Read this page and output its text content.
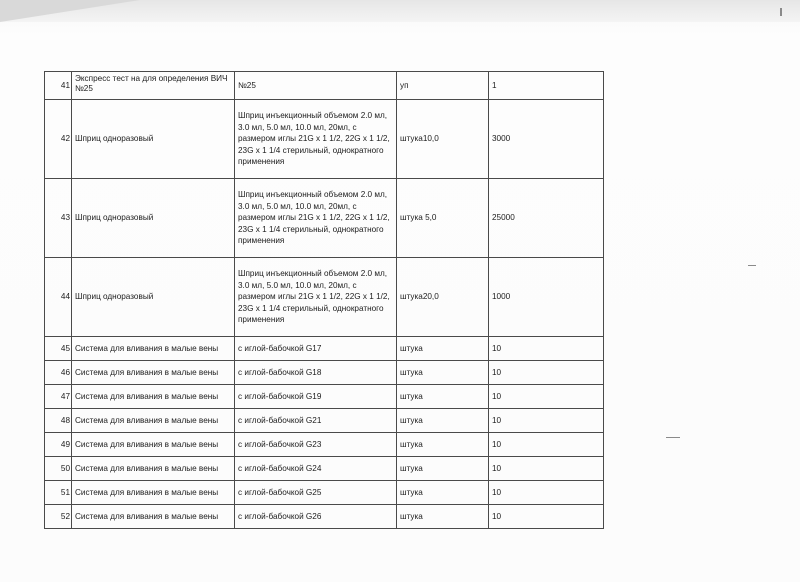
41	Экспресс тест на для определения ВИЧ №25	№25	уп	1
42	Шприц одноразовый	Шприц инъекционный объемом 2.0 мл, 3.0 мл, 5.0 мл, 10.0 мл, 20мл, с размером иглы 21G x 1 1/2, 22G x 1 1/2, 23G x 1 1/4 стерильный, однократного применения	штука10,0	3000
43	Шприц одноразовый	Шприц инъекционный объемом 2.0 мл, 3.0 мл, 5.0 мл, 10.0 мл, 20мл, с размером иглы 21G x 1 1/2, 22G x 1 1/2, 23G x 1 1/4 стерильный, однократного применения	штука 5,0	25000
44	Шприц одноразовый	Шприц инъекционный объемом 2.0 мл, 3.0 мл, 5.0 мл, 10.0 мл, 20мл, с размером иглы 21G x 1 1/2, 22G x 1 1/2, 23G x 1 1/4 стерильный, однократного применения	штука20,0	1000
45	Система для вливания в малые вены	с иглой-бабочкой G17	штука	10
46	Система для вливания в малые вены	с иглой-бабочкой G18	штука	10
47	Система для вливания в малые вены	с иглой-бабочкой G19	штука	10
48	Система для вливания в малые вены	с иглой-бабочкой G21	штука	10
49	Система для вливания в малые вены	с иглой-бабочкой G23	штука	10
50	Система для вливания в малые вены	с иглой-бабочкой G24	штука	10
51	Система для вливания в малые вены	с иглой-бабочкой G25	штука	10
52	Система для вливания в малые вены	с иглой-бабочкой G26	штука	10
